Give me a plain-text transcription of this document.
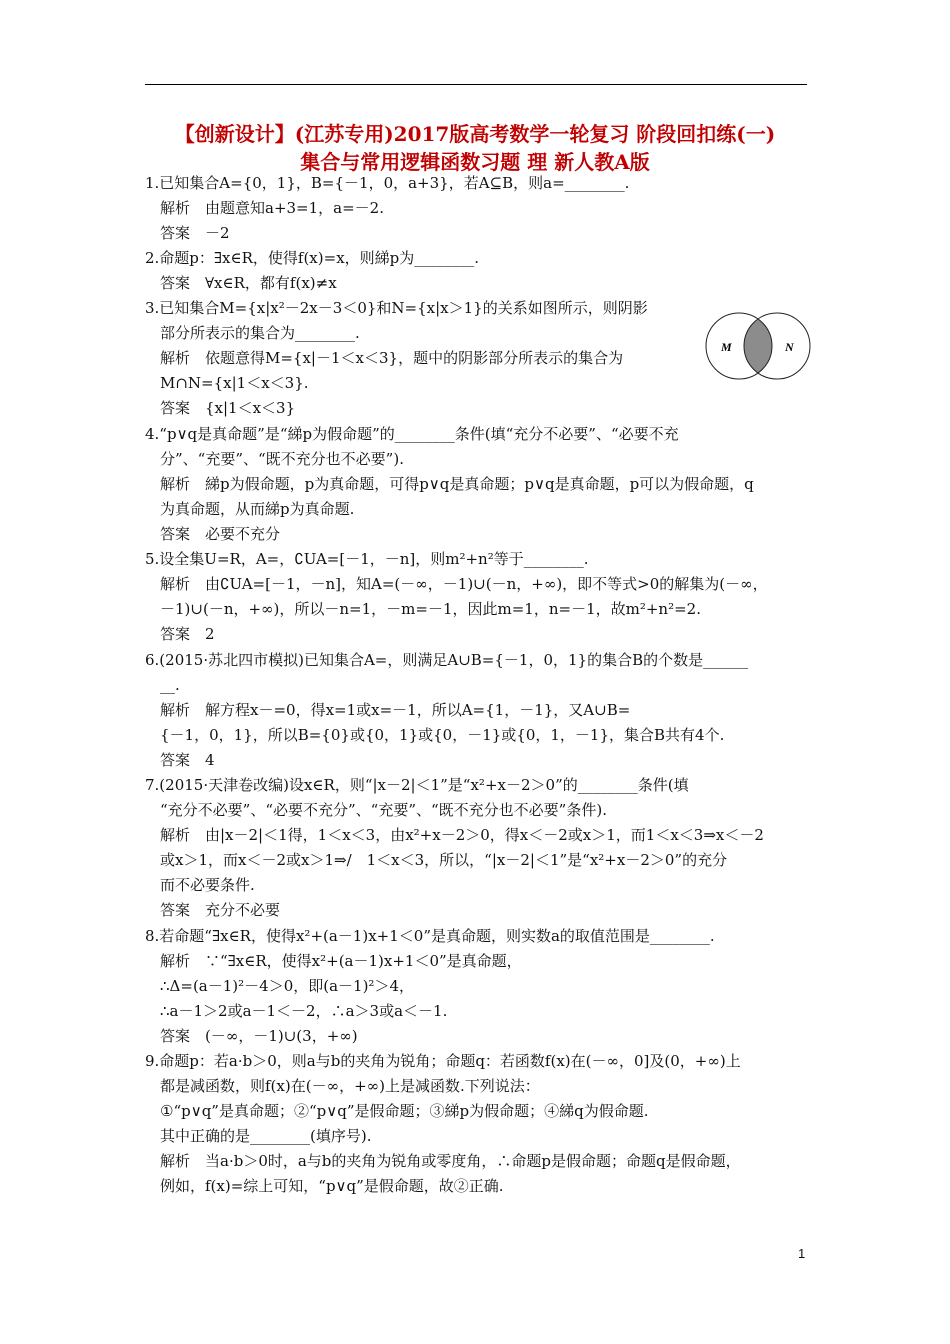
【创新设计】(江苏专用)2017版高考数学一轮复习 阶段回扣练(一)
集合与常用逻辑函数习题 理 新人教A版
1.已知集合A={0，1}，B={－1，0，a+3}，若A⊆B，则a=________.
解析　由题意知a+3=1，a=－2.
答案　－2
2.命题p：∃x∈R，使得f(x)=x，则綈p为________.
答案　∀x∈R，都有f(x)≠x
3.已知集合M={x|x²－2x－3＜0}和N={x|x＞1}的关系如图所示，则阴影
部分所表示的集合为________.
解析　依题意得M={x|－1＜x＜3}，题中的阴影部分所表示的集合为
M∩N={x|1＜x＜3}.
答案　{x|1＜x＜3}
4.“p∨q是真命题”是“綈p为假命题”的________条件(填“充分不必要”、“必要不充
分”、“充要”、“既不充分也不必要”).
解析　綈p为假命题，p为真命题，可得p∨q是真命题；p∨q是真命题，p可以为假命题，q
为真命题，从而綈p为真命题.
答案　必要不充分
5.设全集U=R，A=，∁UA=[－1，－n]，则m²+n²等于________.
解析　由∁UA=[－1，－n]，知A=(－∞，－1)∪(－n，+∞)，即不等式>0的解集为(－∞，
－1)∪(－n，+∞)，所以－n=1，－m=－1，因此m=1，n=－1，故m²+n²=2.
答案　2
6.(2015·苏北四市模拟)已知集合A=，则满足A∪B={－1，0，1}的集合B的个数是______
__.
解析　解方程x－=0，得x=1或x=－1，所以A={1，－1}，又A∪B=
{－1，0，1}，所以B={0}或{0，1}或{0，－1}或{0，1，－1}，集合B共有4个.
答案　4
7.(2015·天津卷改编)设x∈R，则“|x－2|＜1”是“x²+x－2＞0”的________条件(填
“充分不必要”、“必要不充分”、“充要”、“既不充分也不必要”条件).
解析　由|x－2|＜1得，1＜x＜3，由x²+x－2＞0，得x＜－2或x＞1，而1＜x＜3⇒x＜－2
或x＞1，而x＜－2或x＞1⇒/　1＜x＜3，所以，“|x－2|＜1”是“x²+x－2＞0”的充分
而不必要条件.
答案　充分不必要
8.若命题“∃x∈R，使得x²+(a－1)x+1＜0”是真命题，则实数a的取值范围是________.
解析　∵“∃x∈R，使得x²+(a－1)x+1＜0”是真命题，
∴Δ=(a－1)²－4＞0，即(a－1)²＞4，
∴a－1＞2或a－1＜－2，∴a＞3或a＜－1.
答案　(－∞，－1)∪(3，+∞)
9.命题p：若a·b＞0，则a与b的夹角为锐角；命题q：若函数f(x)在(－∞，0]及(0，+∞)上
都是减函数，则f(x)在(－∞，+∞)上是减函数.下列说法：
①“p∨q”是真命题；②“p∨q”是假命题；③綈p为假命题；④綈q为假命题.
其中正确的是________(填序号).
解析　当a·b＞0时，a与b的夹角为锐角或零度角，∴命题p是假命题；命题q是假命题，
例如，f(x)=综上可知，“p∨q”是假命题，故②正确.
M	N
1
